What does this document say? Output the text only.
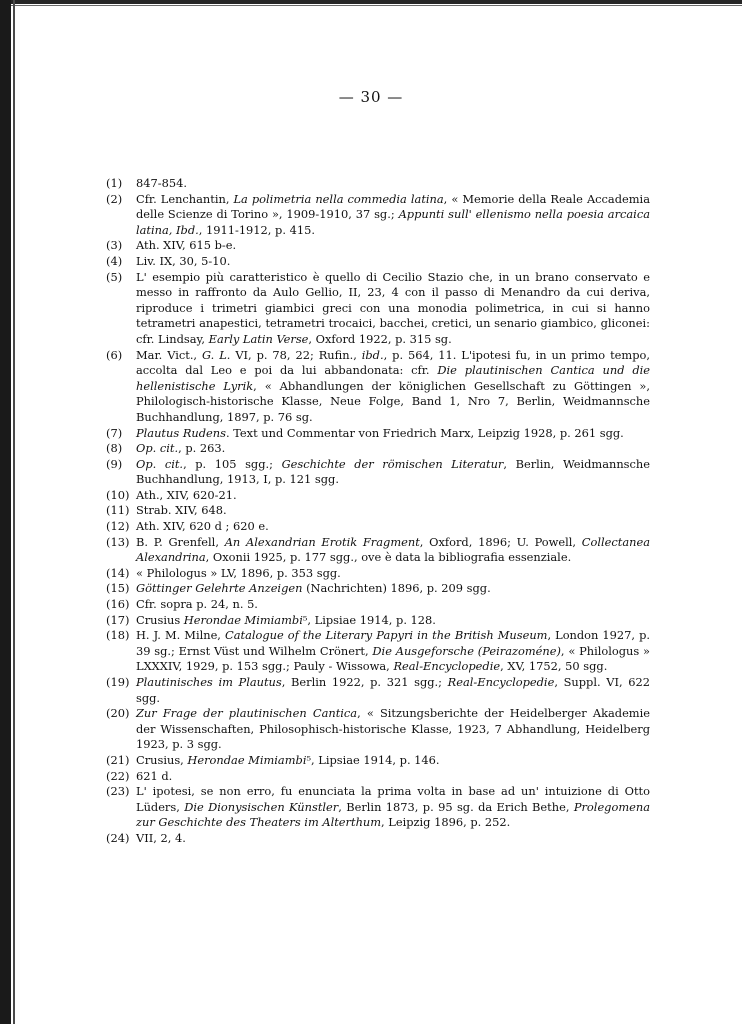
— 30 —
(1)	847-854.
(2)	Cfr. Lenchantin, La polimetria nella commedia latina, « Memorie della Reale Accademia delle Scienze di Torino », 1909-1910, 37 sg.; Appunti sull' ellenismo nella poesia arcaica latina, Ibd., 1911-1912, p. 415.
(3)	Ath. XIV, 615 b-e.
(4)	Liv. IX, 30, 5-10.
(5)	L' esempio più caratteristico è quello di Cecilio Stazio che, in un brano conservato e messo in raffronto da Aulo Gellio, II, 23, 4 con il passo di Menandro da cui deriva, riproduce i trimetri giambici greci con una monodia polimetrica, in cui si hanno tetrametri anapestici, tetrametri trocaici, bacchei, cretici, un senario giambico, gliconei: cfr. Lindsay, Early Latin Verse, Oxford 1922, p. 315 sg.
(6)	Mar. Vict., G. L. VI, p. 78, 22; Rufin., ibd., p. 564, 11. L'ipotesi fu, in un primo tempo, accolta dal Leo e poi da lui abbandonata: cfr. Die plautinischen Cantica und die hellenistische Lyrik, « Abhandlungen der königlichen Gesellschaft zu Göttingen », Philologisch-historische Klasse, Neue Folge, Band 1, Nro 7, Berlin, Weidmannsche Buchhandlung, 1897, p. 76 sg.
(7)	Plautus Rudens. Text und Commentar von Friedrich Marx, Leipzig 1928, p. 261 sgg.
(8)	Op. cit., p. 263.
(9)	Op. cit., p. 105 sgg.; Geschichte der römischen Literatur, Berlin, Weidmannsche Buchhandlung, 1913, I, p. 121 sgg.
(10) Ath., XIV, 620-21.
(11) Strab. XIV, 648.
(12) Ath. XIV, 620 d ; 620 e.
(13) B. P. Grenfell, An Alexandrian Erotik Fragment, Oxford, 1896; U. Powell, Collectanea Alexandrina, Oxonii 1925, p. 177 sgg., ove è data la bibliografia essenziale.
(14) « Philologus » LV, 1896, p. 353 sgg.
(15) Göttinger Gelehrte Anzeigen (Nachrichten) 1896, p. 209 sgg.
(16) Cfr. sopra p. 24, n. 5.
(17) Crusius Herondae Mimiambi⁵, Lipsiae 1914, p. 128.
(18) H. J. M. Milne, Catalogue of the Literary Papyri in the British Museum, London 1927, p. 39 sg.; Ernst Vüst und Wilhelm Crönert, Die Ausgeforsche (Peirazoméne), « Philologus » LXXXIV, 1929, p. 153 sgg.; Pauly - Wissowa, Real-Encyclopedie, XV, 1752, 50 sgg.
(19) Plautinisches im Plautus, Berlin 1922, p. 321 sgg.; Real-Encyclopedie, Suppl. VI, 622 sgg.
(20) Zur Frage der plautinischen Cantica, « Sitzungsberichte der Heidelberger Akademie der Wissenschaften, Philosophisch-historische Klasse, 1923, 7 Abhandlung, Heidelberg 1923, p. 3 sgg.
(21) Crusius, Herondae Mimiambi⁵, Lipsiae 1914, p. 146.
(22) 621 d.
(23) L' ipotesi, se non erro, fu enunciata la prima volta in base ad un' intuizione di Otto Lüders, Die Dionysischen Künstler, Berlin 1873, p. 95 sg. da Erich Bethe, Prolegomena zur Geschichte des Theaters im Alterthum, Leipzig 1896, p. 252.
(24) VII, 2, 4.
